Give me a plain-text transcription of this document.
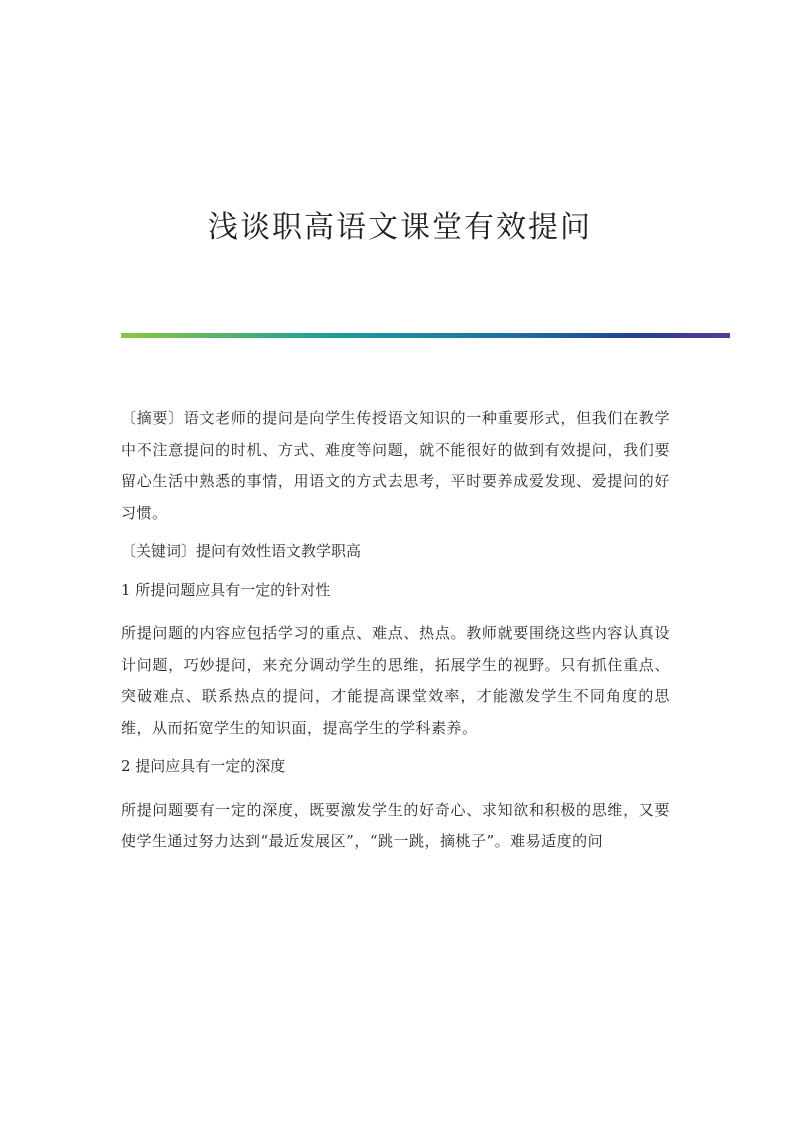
浅谈职高语文课堂有效提问

〔摘要〕语文老师的提问是向学生传授语文知识的一种重要形式，但我们在教学中不注意提问的时机、方式、难度等问题，就不能很好的做到有效提问，我们要留心生活中熟悉的事情，用语文的方式去思考，平时要养成爱发现、爱提问的好习惯。

〔关键词〕提问有效性语文教学职高

1 所提问题应具有一定的针对性

所提问题的内容应包括学习的重点、难点、热点。教师就要围绕这些内容认真设计问题，巧妙提问，来充分调动学生的思维，拓展学生的视野。只有抓住重点、突破难点、联系热点的提问，才能提高课堂效率，才能激发学生不同角度的思维，从而拓宽学生的知识面，提高学生的学科素养。

2 提问应具有一定的深度

所提问题要有一定的深度，既要激发学生的好奇心、求知欲和积极的思维，又要使学生通过努力达到“最近发展区”，“跳一跳，摘桃子”。难易适度的问
